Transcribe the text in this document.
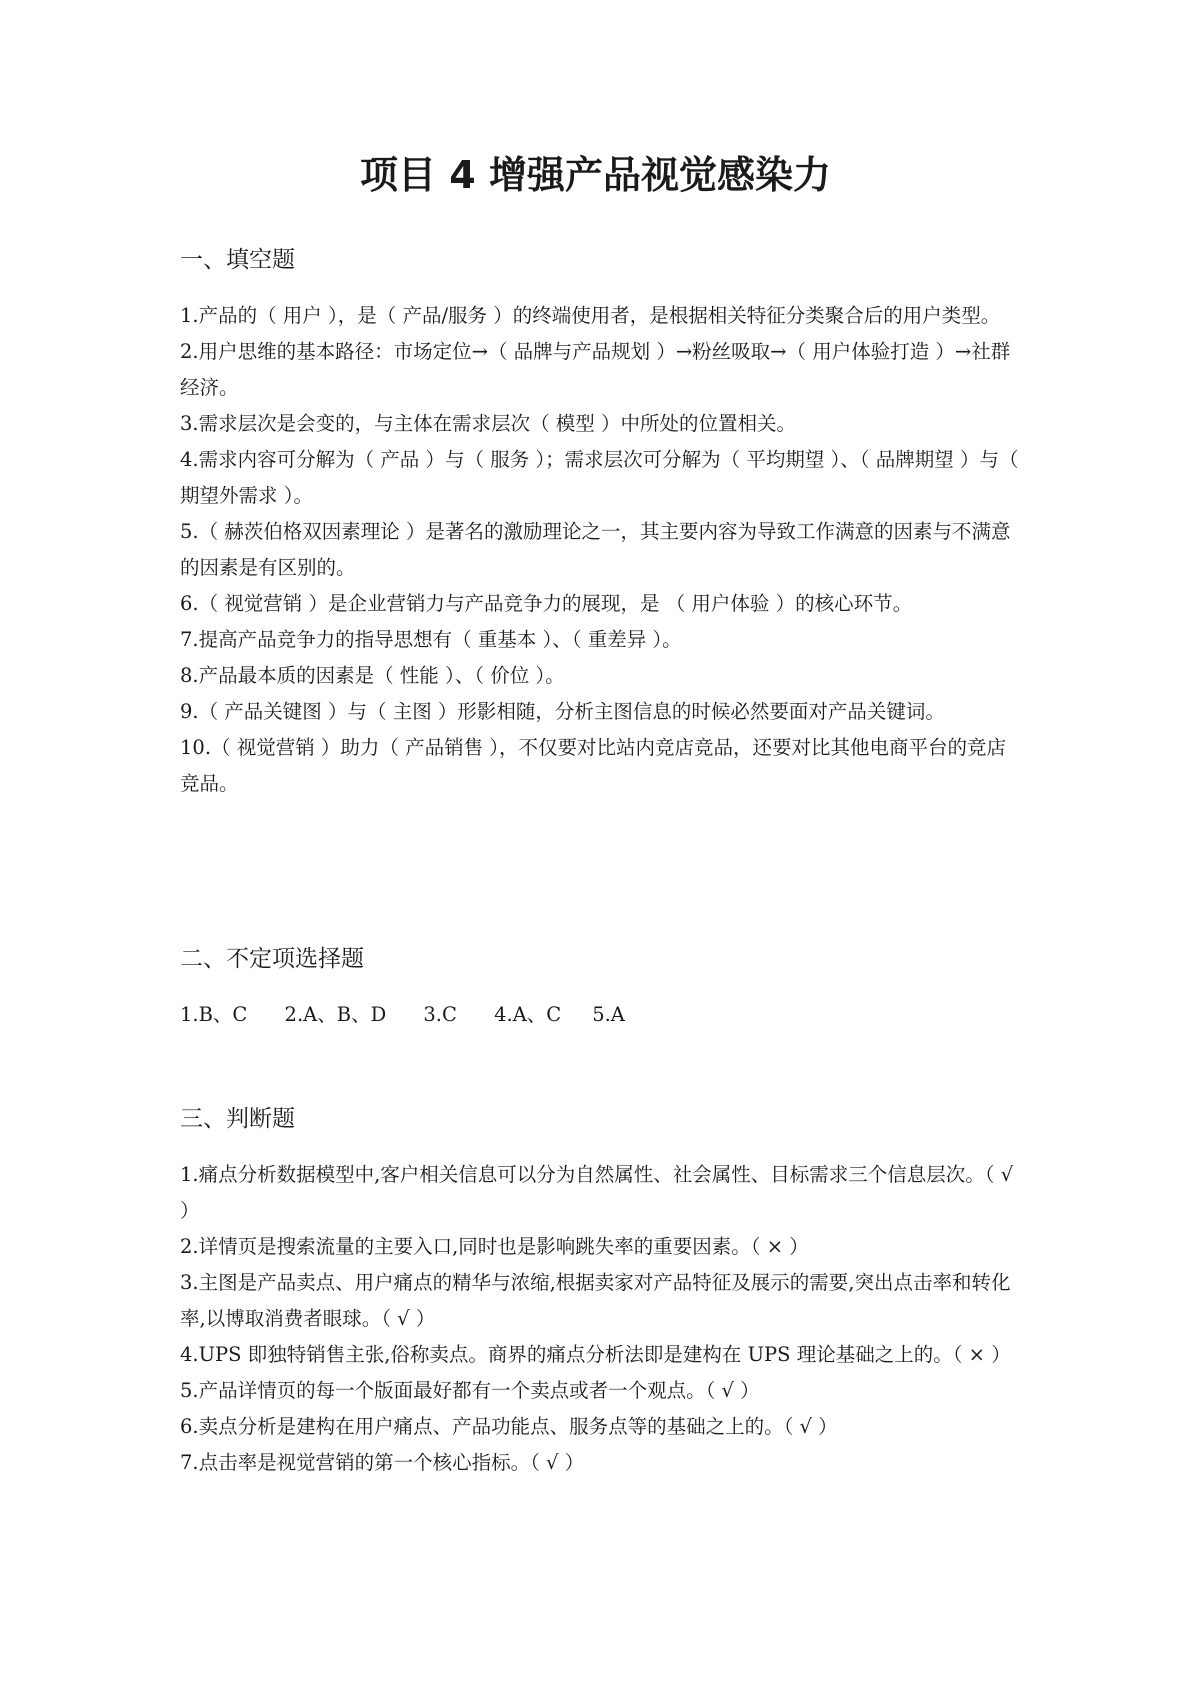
项目 4 增强产品视觉感染力
一、填空题

1.产品的（ 用户 ），是（ 产品/服务 ）的终端使用者，是根据相关特征分类聚合后的用户类型。

2.用户思维的基本路径：市场定位→（ 品牌与产品规划 ）→粉丝吸取→（ 用户体验打造 ）→社群经济。

3.需求层次是会变的，与主体在需求层次（ 模型 ）中所处的位置相关。

4.需求内容可分解为（ 产品 ）与（ 服务 ）；需求层次可分解为（ 平均期望 ）、（ 品牌期望 ）与（ 期望外需求 ）。

5.（ 赫茨伯格双因素理论 ）是著名的激励理论之一，其主要内容为导致工作满意的因素与不满意的因素是有区别的。

6.（ 视觉营销 ）是企业营销力与产品竞争力的展现，是 （ 用户体验 ）的核心环节。

7.提高产品竞争力的指导思想有（ 重基本 ）、（ 重差异 ）。

8.产品最本质的因素是（ 性能 ）、（ 价位 ）。

9.（ 产品关键图 ）与（ 主图 ）形影相随，分析主图信息的时候必然要面对产品关键词。

10.（ 视觉营销 ）助力（ 产品销售 ），不仅要对比站内竞店竞品，还要对比其他电商平台的竞店竞品。

二、不定项选择题

1.B、C      2.A、B、D      3.C      4.A、C     5.A

三、判断题

1.痛点分析数据模型中,客户相关信息可以分为自然属性、社会属性、目标需求三个信息层次。（ √ ）

2.详情页是搜索流量的主要入口,同时也是影响跳失率的重要因素。（ × ）

3.主图是产品卖点、用户痛点的精华与浓缩,根据卖家对产品特征及展示的需要,突出点击率和转化率,以博取消费者眼球。（ √ ）

4.UPS 即独特销售主张,俗称卖点。商界的痛点分析法即是建构在 UPS 理论基础之上的。（ × ）

5.产品详情页的每一个版面最好都有一个卖点或者一个观点。（ √ ）

6.卖点分析是建构在用户痛点、产品功能点、服务点等的基础之上的。（ √ ）

7.点击率是视觉营销的第一个核心指标。（ √ ）
